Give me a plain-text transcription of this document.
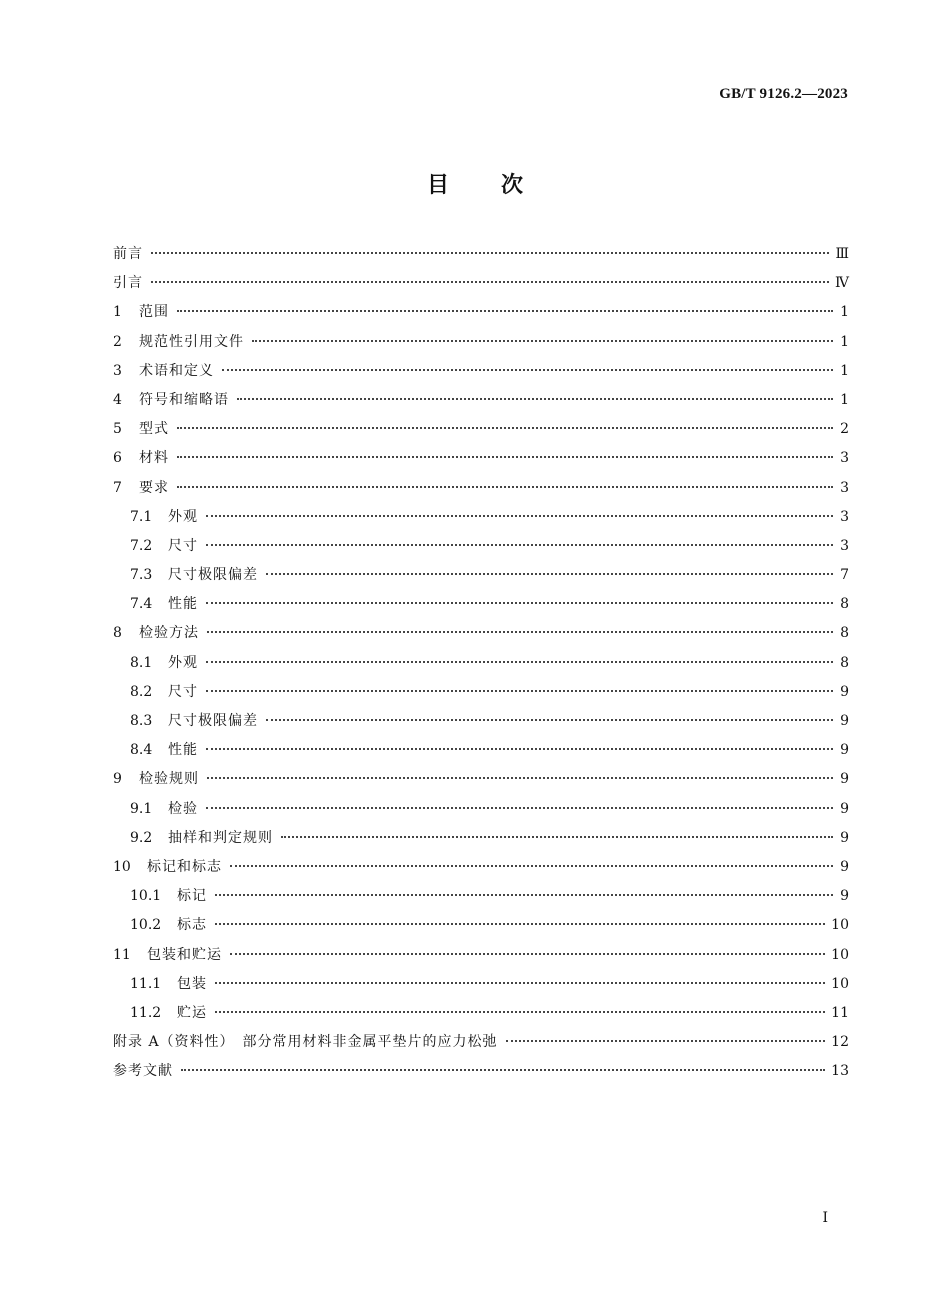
GB/T 9126.2—2023
目次
前言	Ⅲ
引言	Ⅳ
1	范围	1
2	规范性引用文件	1
3	术语和定义	1
4	符号和缩略语	1
5	型式	2
6	材料	3
7	要求	3
7.1	外观	3
7.2	尺寸	3
7.3	尺寸极限偏差	7
7.4	性能	8
8	检验方法	8
8.1	外观	8
8.2	尺寸	9
8.3	尺寸极限偏差	9
8.4	性能	9
9	检验规则	9
9.1	检验	9
9.2	抽样和判定规则	9
10	标记和标志	9
10.1	标记	9
10.2	标志	10
11	包装和贮运	10
11.1	包装	10
11.2	贮运	11
附录 A（资料性）　部分常用材料非金属平垫片的应力松弛	12
参考文献	13
I
